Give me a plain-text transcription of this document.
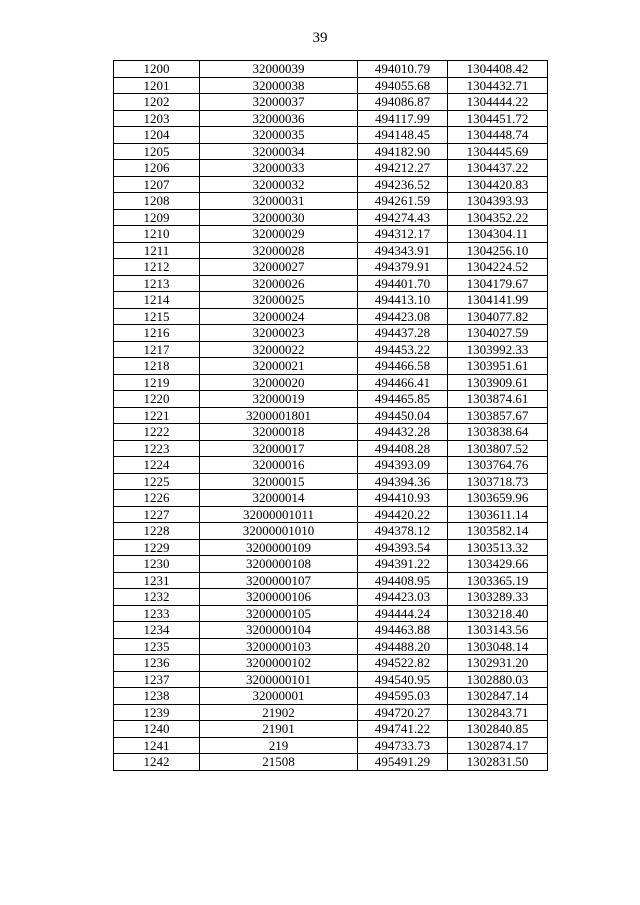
39
1200	32000039	494010.79	1304408.42
1201	32000038	494055.68	1304432.71
1202	32000037	494086.87	1304444.22
1203	32000036	494117.99	1304451.72
1204	32000035	494148.45	1304448.74
1205	32000034	494182.90	1304445.69
1206	32000033	494212.27	1304437.22
1207	32000032	494236.52	1304420.83
1208	32000031	494261.59	1304393.93
1209	32000030	494274.43	1304352.22
1210	32000029	494312.17	1304304.11
1211	32000028	494343.91	1304256.10
1212	32000027	494379.91	1304224.52
1213	32000026	494401.70	1304179.67
1214	32000025	494413.10	1304141.99
1215	32000024	494423.08	1304077.82
1216	32000023	494437.28	1304027.59
1217	32000022	494453.22	1303992.33
1218	32000021	494466.58	1303951.61
1219	32000020	494466.41	1303909.61
1220	32000019	494465.85	1303874.61
1221	3200001801	494450.04	1303857.67
1222	32000018	494432.28	1303838.64
1223	32000017	494408.28	1303807.52
1224	32000016	494393.09	1303764.76
1225	32000015	494394.36	1303718.73
1226	32000014	494410.93	1303659.96
1227	32000001011	494420.22	1303611.14
1228	32000001010	494378.12	1303582.14
1229	3200000109	494393.54	1303513.32
1230	3200000108	494391.22	1303429.66
1231	3200000107	494408.95	1303365.19
1232	3200000106	494423.03	1303289.33
1233	3200000105	494444.24	1303218.40
1234	3200000104	494463.88	1303143.56
1235	3200000103	494488.20	1303048.14
1236	3200000102	494522.82	1302931.20
1237	3200000101	494540.95	1302880.03
1238	32000001	494595.03	1302847.14
1239	21902	494720.27	1302843.71
1240	21901	494741.22	1302840.85
1241	219	494733.73	1302874.17
1242	21508	495491.29	1302831.50
